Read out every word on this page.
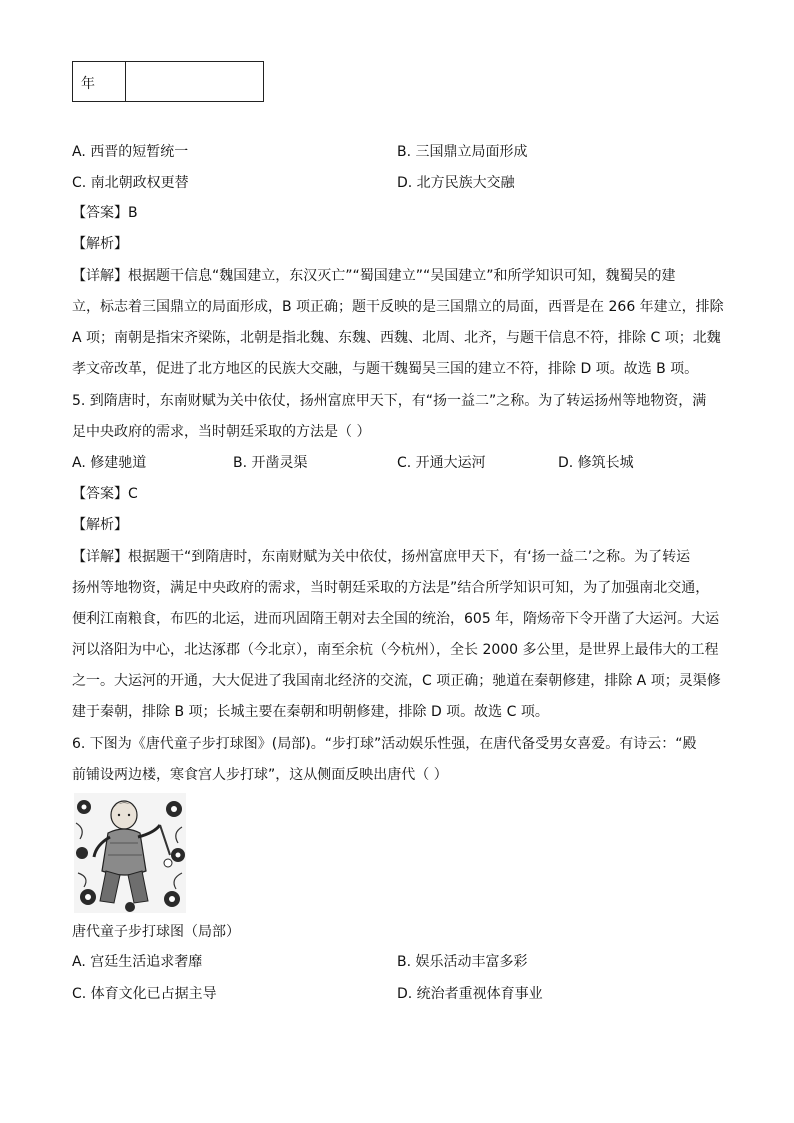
年
A. 西晋的短暂统一	B. 三国鼎立局面形成
C. 南北朝政权更替	D. 北方民族大交融
【答案】B
【解析】
【详解】根据题干信息“魏国建立，东汉灭亡”“蜀国建立”“吴国建立”和所学知识可知，魏蜀吴的建
立，标志着三国鼎立的局面形成，B 项正确；题干反映的是三国鼎立的局面，西晋是在 266 年建立，排除
A 项；南朝是指宋齐梁陈，北朝是指北魏、东魏、西魏、北周、北齐，与题干信息不符，排除 C 项；北魏
孝文帝改革，促进了北方地区的民族大交融，与题干魏蜀吴三国的建立不符，排除 D 项。故选 B 项。
5. 到隋唐时，东南财赋为关中依仗，扬州富庶甲天下，有“扬一益二”之称。为了转运扬州等地物资，满
足中央政府的需求，当时朝廷采取的方法是（ ）
A. 修建驰道	B. 开凿灵渠	C. 开通大运河	D. 修筑长城
【答案】C
【解析】
【详解】根据题干“到隋唐时，东南财赋为关中依仗，扬州富庶甲天下，有‘扬一益二’之称。为了转运
扬州等地物资，满足中央政府的需求，当时朝廷采取的方法是”结合所学知识可知，为了加强南北交通，
便利江南粮食，布匹的北运，进而巩固隋王朝对去全国的统治，605 年，隋炀帝下令开凿了大运河。大运
河以洛阳为中心，北达涿郡（今北京），南至余杭（今杭州），全长 2000 多公里，是世界上最伟大的工程
之一。大运河的开通，大大促进了我国南北经济的交流，C 项正确；驰道在秦朝修建，排除 A 项；灵渠修
建于秦朝，排除 B 项；长城主要在秦朝和明朝修建，排除 D 项。故选 C 项。
6. 下图为《唐代童子步打球图》(局部)。“步打球”活动娱乐性强，在唐代备受男女喜爱。有诗云：“殿
前铺设两边楼，寒食宫人步打球”，这从侧面反映出唐代（ ）
唐代童子步打球图（局部）
A. 宫廷生活追求奢靡	B. 娱乐活动丰富多彩
C. 体育文化已占据主导	D. 统治者重视体育事业
